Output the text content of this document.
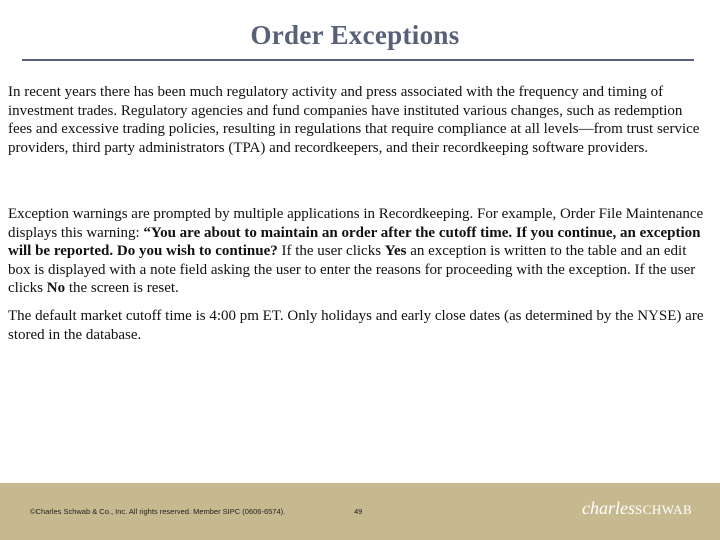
Order Exceptions
In recent years there has been much regulatory activity and press associated with the frequency and timing of investment trades. Regulatory agencies and fund companies have instituted various changes, such as redemption fees and excessive trading policies, resulting in regulations that require compliance at all levels—from trust service providers, third party administrators (TPA) and recordkeepers, and their recordkeeping software providers.
Exception warnings are prompted by multiple applications in Recordkeeping. For example, Order File Maintenance displays this warning: “You are about to maintain an order after the cutoff time. If you continue, an exception will be reported. Do you wish to continue? If the user clicks Yes an exception is written to the table and an edit box is displayed with a note field asking the user to enter the reasons for proceeding with the exception. If the user clicks No the screen is reset.
The default market cutoff time is 4:00 pm ET. Only holidays and early close dates (as determined by the NYSE) are stored in the database.
©Charles Schwab & Co., Inc. All rights reserved. Member SIPC (0606-6574).	49	charlesSCHWAB
